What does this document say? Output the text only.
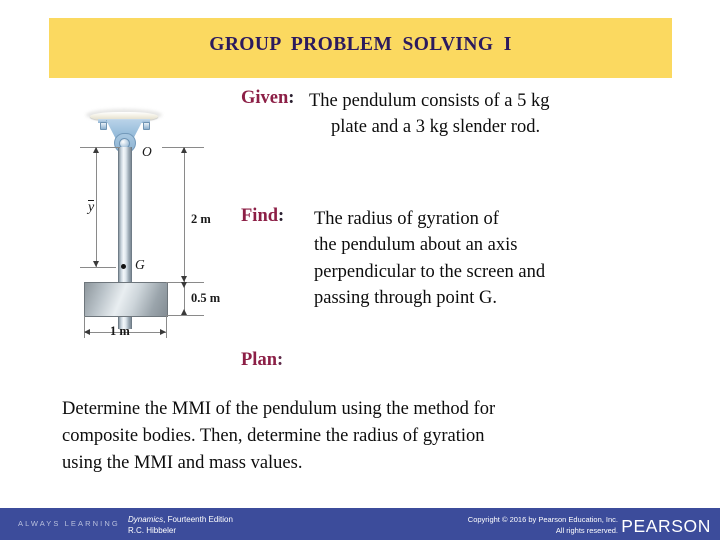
GROUP PROBLEM SOLVING I
O
G
y
2 m
0.5 m
1 m
Given: The pendulum consists of a 5 kg
plate and a 3 kg slender rod.
Find:	The radius of gyration of
the pendulum about an axis
perpendicular to the screen and
passing through point G.
Plan:
Determine the MMI of the pendulum using the method for
composite bodies. Then, determine the radius of gyration
using the MMI and mass values.
ALWAYS LEARNING Dynamics, Fourteenth Edition
R.C. Hibbeler
Copyright © 2016 by Pearson Education, Inc.
All rights reserved. PEARSON
